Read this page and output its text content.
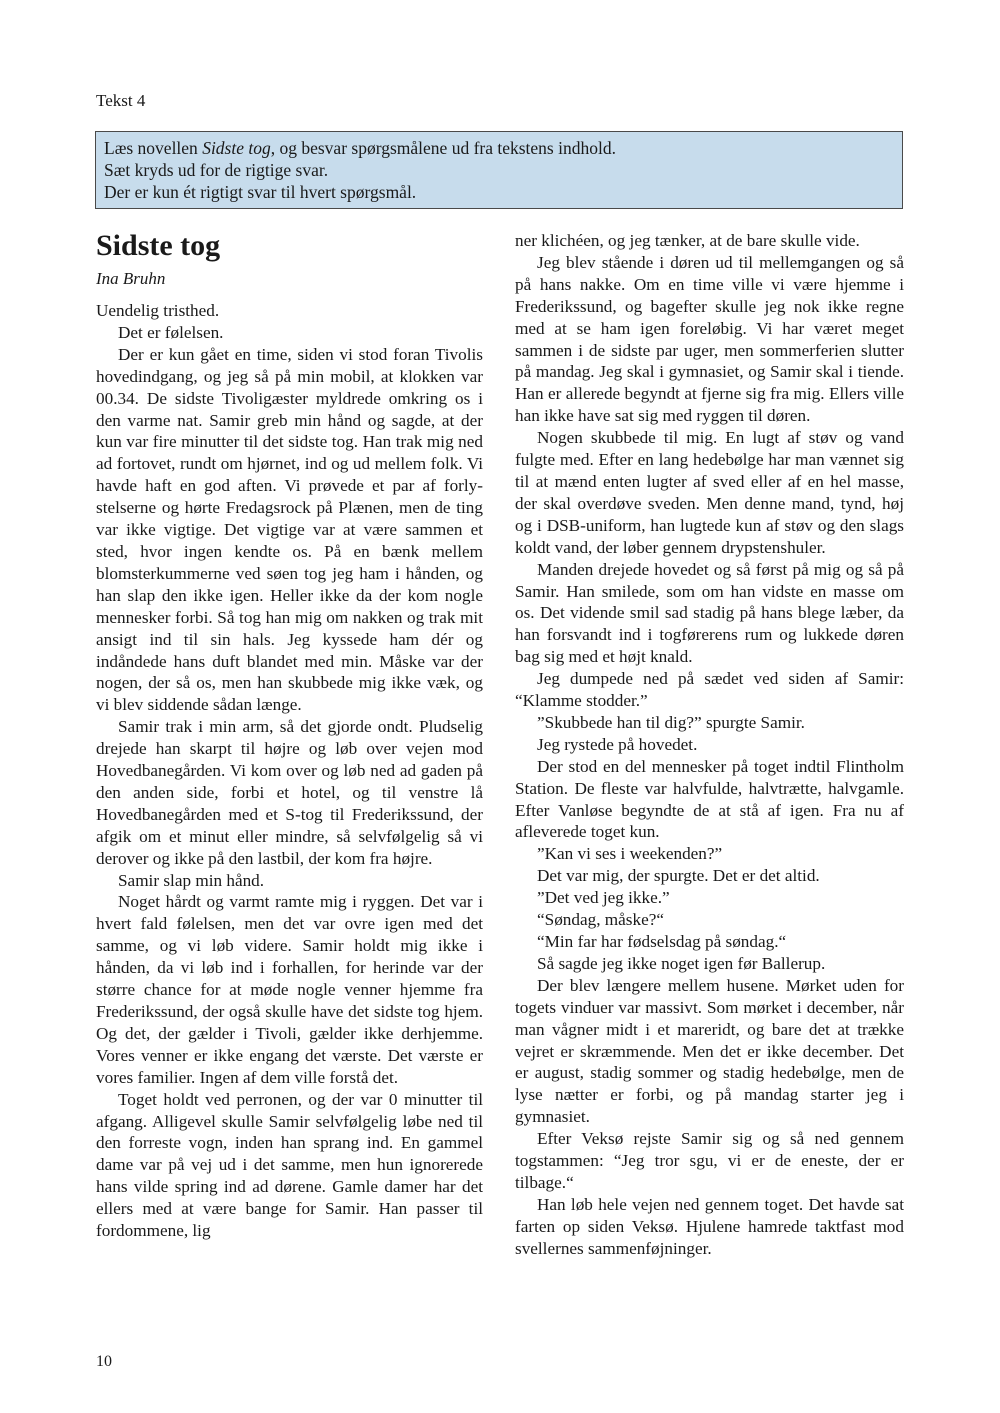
Tekst 4
Læs novellen Sidste tog, og besvar spørgsmålene ud fra tekstens indhold.
Sæt kryds ud for de rigtige svar.
Der er kun ét rigtigt svar til hvert spørgsmål.
Sidste tog
Ina Bruhn

Uendelig tristhed.

Det er følelsen.

Der er kun gået en time, siden vi stod foran Tivolis hovedindgang, og jeg så på min mobil, at klokken var 00.34. De sidste Tivoligæster myldrede omkring os i den varme nat. Samir greb min hånd og sagde, at der kun var fire minutter til det sidste tog. Han trak mig ned ad fortovet, rundt om hjørnet, ind og ud mellem folk. Vi havde haft en god aften. Vi prøvede et par af forlystelserne og hørte Fredagsrock på Plænen, men de ting var ikke vigtige. Det vigtige var at være sammen et sted, hvor ingen kendte os. På en bænk mellem blomsterkummerne ved søen tog jeg ham i hånden, og han slap den ikke igen. Heller ikke da der kom nogle mennesker forbi. Så tog han mig om nakken og trak mit ansigt ind til sin hals. Jeg kyssede ham dér og indåndede hans duft blandet med min. Måske var der nogen, der så os, men han skubbede mig ikke væk, og vi blev siddende sådan længe.

Samir trak i min arm, så det gjorde ondt. Pludselig drejede han skarpt til højre og løb over vejen mod Hovedbanegården. Vi kom over og løb ned ad gaden på den anden side, forbi et hotel, og til venstre lå Hovedbanegården med et S-tog til Frederikssund, der afgik om et minut eller mindre, så selvfølgelig så vi derover og ikke på den lastbil, der kom fra højre.

Samir slap min hånd.

Noget hårdt og varmt ramte mig i ryggen. Det var i hvert fald følelsen, men det var ovre igen med det samme, og vi løb videre. Samir holdt mig ikke i hånden, da vi løb ind i forhallen, for herinde var der større chance for at møde nogle venner hjemme fra Frederikssund, der også skulle have det sidste tog hjem. Og det, der gælder i Tivoli, gælder ikke derhjemme. Vores venner er ikke engang det værste. Det værste er vores familier. Ingen af dem ville forstå det.

Toget holdt ved perronen, og der var 0 minutter til afgang. Alligevel skulle Samir selvfølgelig løbe ned til den forreste vogn, inden han sprang ind. En gammel dame var på vej ud i det samme, men hun ignorerede hans vilde spring ind ad dørene. Gamle damer har det ellers med at være bange for Samir. Han passer til fordommene, lig

ner klichéen, og jeg tænker, at de bare skulle vide.

Jeg blev stående i døren ud til mellemgangen og så på hans nakke. Om en time ville vi være hjemme i Frederikssund, og bagefter skulle jeg nok ikke regne med at se ham igen foreløbig. Vi har været meget sammen i de sidste par uger, men sommerferien slutter på mandag. Jeg skal i gymnasiet, og Samir skal i tiende. Han er allerede begyndt at fjerne sig fra mig. Ellers ville han ikke have sat sig med ryggen til døren.

Nogen skubbede til mig. En lugt af støv og vand fulgte med. Efter en lang hedebølge har man vænnet sig til at mænd enten lugter af sved eller af en hel masse, der skal overdøve sveden. Men denne mand, tynd, høj og i DSB-uniform, han lugtede kun af støv og den slags koldt vand, der løber gennem drypstenshuler.

Manden drejede hovedet og så først på mig og så på Samir. Han smilede, som om han vidste en masse om os. Det vidende smil sad stadig på hans blege læber, da han forsvandt ind i togførerens rum og lukkede døren bag sig med et højt knald.

Jeg dumpede ned på sædet ved siden af Samir: “Klamme stodder.”

”Skubbede han til dig?” spurgte Samir.

Jeg rystede på hovedet.

Der stod en del mennesker på toget indtil Flintholm Station. De fleste var halvfulde, halvtrætte, halvgamle. Efter Vanløse begyndte de at stå af igen. Fra nu af afleverede toget kun.

”Kan vi ses i weekenden?”

Det var mig, der spurgte. Det er det altid.

”Det ved jeg ikke.”

“Søndag, måske?“

“Min far har fødselsdag på søndag.“

Så sagde jeg ikke noget igen før Ballerup.

Der blev længere mellem husene. Mørket uden for togets vinduer var massivt. Som mørket i december, når man vågner midt i et mareridt, og bare det at trække vejret er skræmmende. Men det er ikke december. Det er august, stadig sommer og stadig hedebølge, men de lyse nætter er forbi, og på mandag starter jeg i gymnasiet.

Efter Veksø rejste Samir sig og så ned gennem togstammen: “Jeg tror sgu, vi er de eneste, der er tilbage.“

Han løb hele vejen ned gennem toget. Det havde sat farten op siden Veksø. Hjulene hamrede taktfast mod svellernes sammenføjninger.

10
